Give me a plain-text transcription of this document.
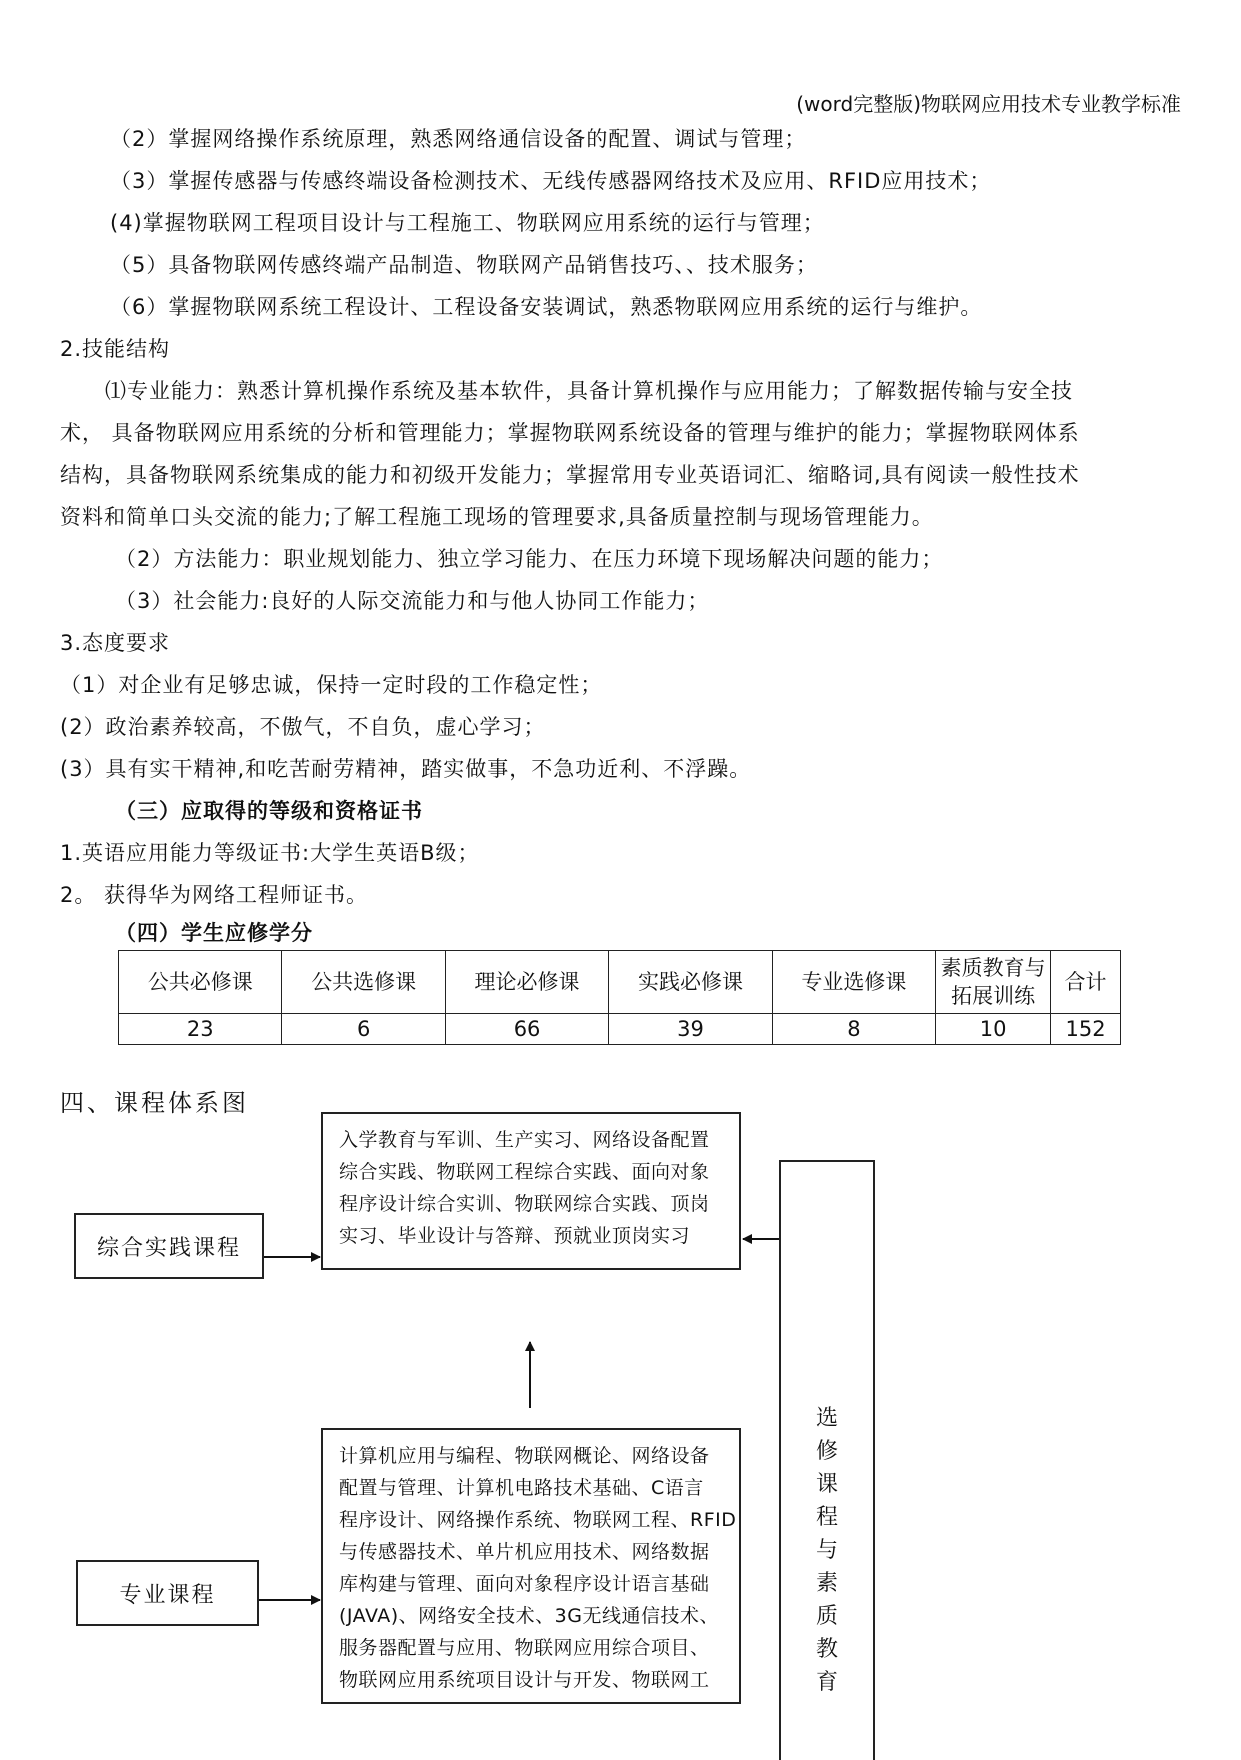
(word完整版)物联网应用技术专业教学标准
（2）掌握网络操作系统原理，熟悉网络通信设备的配置、调试与管理；
（3）掌握传感器与传感终端设备检测技术、无线传感器网络技术及应用、RFID应用技术；
(4)掌握物联网工程项目设计与工程施工、物联网应用系统的运行与管理；
（5）具备物联网传感终端产品制造、物联网产品销售技巧、、技术服务；
（6）掌握物联网系统工程设计、工程设备安装调试，熟悉物联网应用系统的运行与维护。
2.技能结构
⑴专业能力：熟悉计算机操作系统及基本软件，具备计算机操作与应用能力；了解数据传输与安全技
术， 具备物联网应用系统的分析和管理能力；掌握物联网系统设备的管理与维护的能力；掌握物联网体系
结构，具备物联网系统集成的能力和初级开发能力；掌握常用专业英语词汇、缩略词,具有阅读一般性技术
资料和简单口头交流的能力;了解工程施工现场的管理要求,具备质量控制与现场管理能力。
（2）方法能力：职业规划能力、独立学习能力、在压力环境下现场解决问题的能力；
（3）社会能力:良好的人际交流能力和与他人协同工作能力；
3.态度要求
（1）对企业有足够忠诚，保持一定时段的工作稳定性；
(2）政治素养较高，不傲气，不自负，虚心学习；
(3）具有实干精神,和吃苦耐劳精神，踏实做事，不急功近利、不浮躁。
（三）应取得的等级和资格证书
1.英语应用能力等级证书:大学生英语B级；
2。 获得华为网络工程师证书。
（四）学生应修学分
公共必修课	公共选修课	理论必修课	实践必修课	专业选修课	素质教育与拓展训练	合计
23	6	66	39	8	10	152
四、课程体系图
综合实践课程
入学教育与军训、生产实习、网络设备配置
综合实践、物联网工程综合实践、面向对象
程序设计综合实训、物联网综合实践、顶岗
实习、毕业设计与答辩、预就业顶岗实习
选
修
课
程
与
素
质
教
育
专业课程
计算机应用与编程、物联网概论、网络设备
配置与管理、计算机电路技术基础、C语言
程序设计、网络操作系统、物联网工程、RFID
与传感器技术、单片机应用技术、网络数据
库构建与管理、面向对象程序设计语言基础
(JAVA)、网络安全技术、3G无线通信技术、
服务器配置与应用、物联网应用综合项目、
物联网应用系统项目设计与开发、物联网工
